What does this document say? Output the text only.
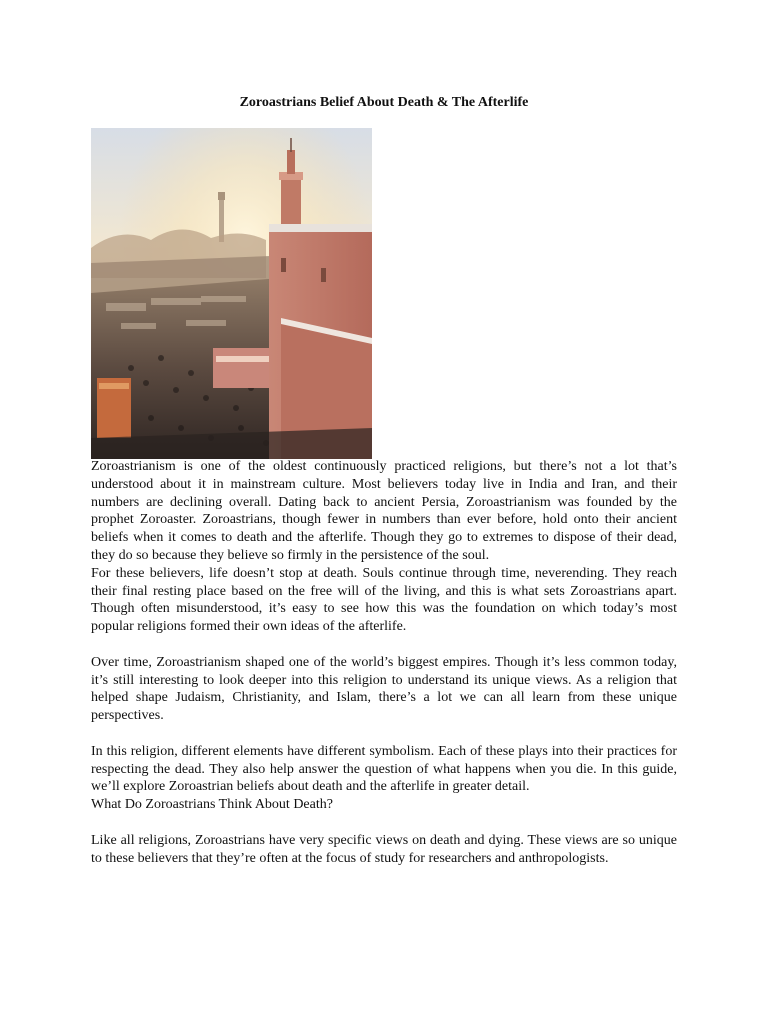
Zoroastrians Belief About Death & The Afterlife

Zoroastrianism is one of the oldest continuously practiced religions, but there’s not a lot that’s understood about it in mainstream culture. Most believers today live in India and Iran, and their numbers are declining overall. Dating back to ancient Persia, Zoroastrianism was founded by the prophet Zoroaster. Zoroastrians, though fewer in numbers than ever before, hold onto their ancient beliefs when it comes to death and the afterlife. Though they go to extremes to dispose of their dead, they do so because they believe so firmly in the persistence of the soul.

For these believers, life doesn’t stop at death. Souls continue through time, neverending. They reach their final resting place based on the free will of the living, and this is what sets Zoroastrians apart. Though often misunderstood, it’s easy to see how this was the foundation on which today’s most popular religions formed their own ideas of the afterlife.

Over time, Zoroastrianism shaped one of the world’s biggest empires. Though it’s less common today, it’s still interesting to look deeper into this religion to understand its unique views. As a religion that helped shape Judaism, Christianity, and Islam, there’s a lot we can all learn from these unique perspectives.

In this religion, different elements have different symbolism. Each of these plays into their practices for respecting the dead. They also help answer the question of what happens when you die. In this guide, we’ll explore Zoroastrian beliefs about death and the afterlife in greater detail.

What Do Zoroastrians Think About Death?

Like all religions, Zoroastrians have very specific views on death and dying. These views are so unique to these believers that they’re often at the focus of study for researchers and anthropologists.
